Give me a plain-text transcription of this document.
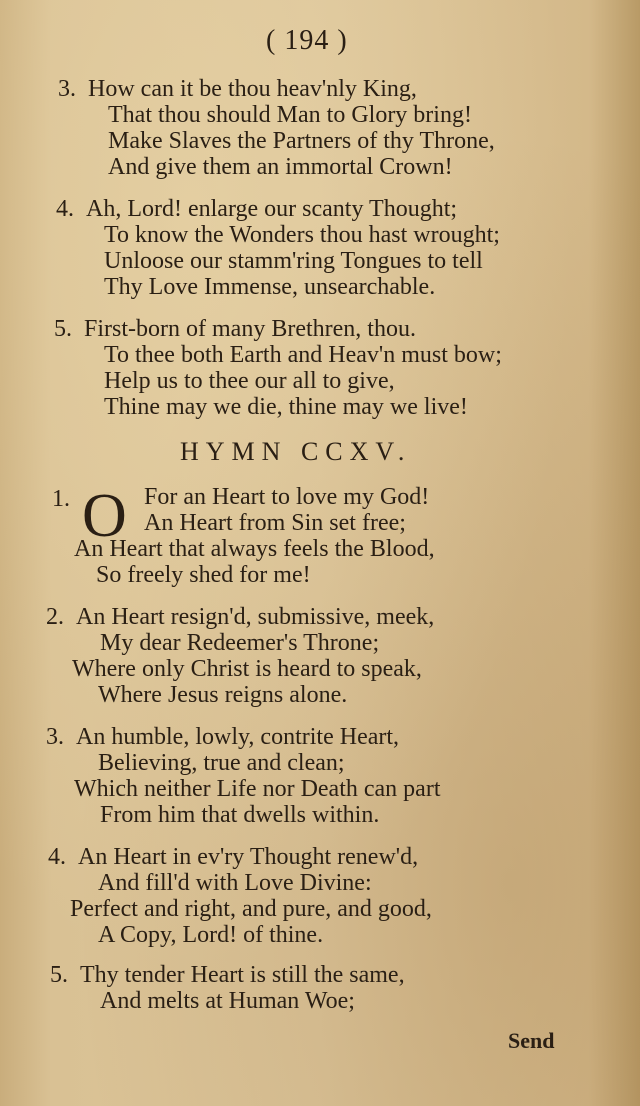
( 194 )
3. How can it be thou heav'nly King,
That thou should Man to Glory bring!
Make Slaves the Partners of thy Throne,
And give them an immortal Crown!
4. Ah, Lord! enlarge our scanty Thought;
To know the Wonders thou hast wrought;
Unloose our stamm'ring Tongues to tell
Thy Love Immense, unsearchable.
5. First-born of many Brethren, thou.
To thee both Earth and Heav'n must bow;
Help us to thee our all to give,
Thine may we die, thine may we live!
HYMN CCXV.
1. O For an Heart to love my God!
An Heart from Sin set free;
An Heart that always feels the Blood,
So freely shed for me!
2. An Heart resign'd, submissive, meek,
My dear Redeemer's Throne;
Where only Christ is heard to speak,
Where Jesus reigns alone.
3. An humble, lowly, contrite Heart,
Believing, true and clean;
Which neither Life nor Death can part
From him that dwells within.
4. An Heart in ev'ry Thought renew'd,
And fill'd with Love Divine:
Perfect and right, and pure, and good,
A Copy, Lord! of thine.
5. Thy tender Heart is still the same,
And melts at Human Woe;
Send
